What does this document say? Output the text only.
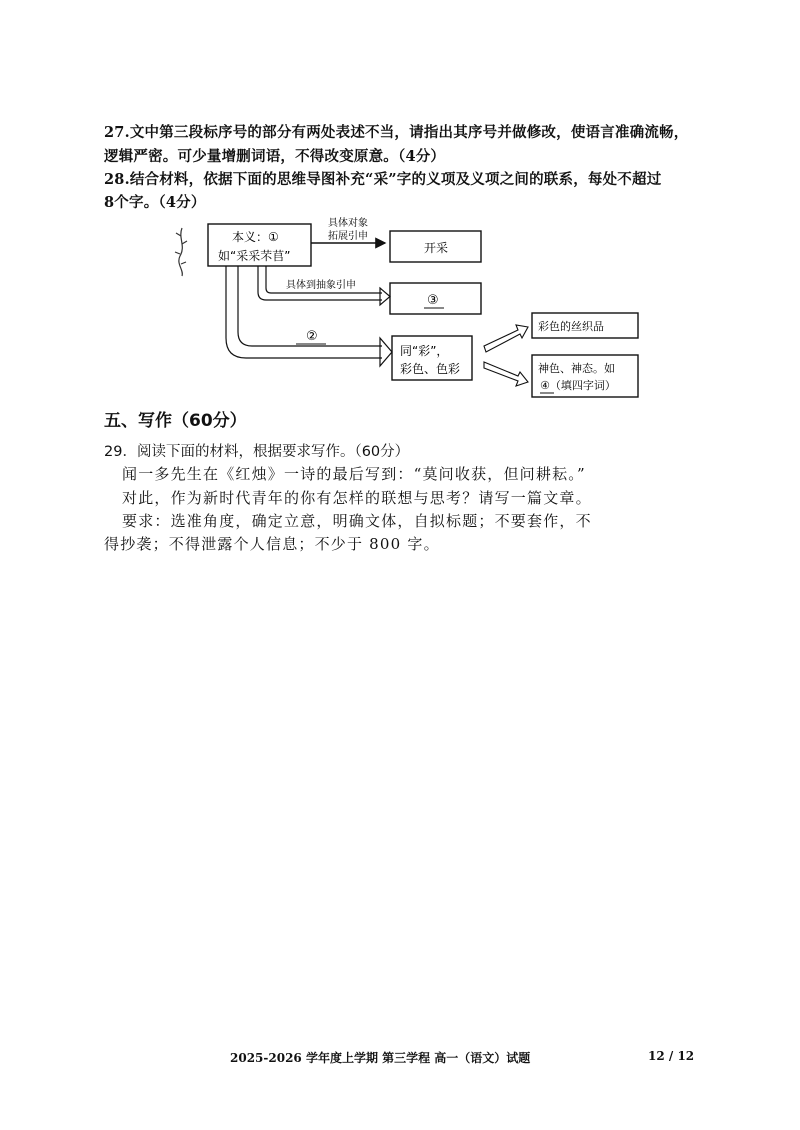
27.文中第三段标序号的部分有两处表述不当，请指出其序号并做修改，使语言准确流畅，
逻辑严密。可少量增删词语，不得改变原意。（4分）
28.结合材料，依据下面的思维导图补充“采”字的义项及义项之间的联系，每处不超过
8个字。（4分）
本义：①
如“采采芣苢”
具体对象
拓展引申
开采
具体到抽象引申
③
②
同“彩”，
彩色、色彩
彩色的丝织品
神色、神态。如
④（填四字词）
五、写作（60分）
29．阅读下面的材料，根据要求写作。（60分）
闻一多先生在《红烛》一诗的最后写到：“莫问收获，但问耕耘。”
对此，作为新时代青年的你有怎样的联想与思考？请写一篇文章。
要求：选准角度，确定立意，明确文体，自拟标题；不要套作，不
得抄袭；不得泄露个人信息；不少于 800 字。
2025-2026 学年度上学期 第三学程 高一（语文）试题	12 / 12
